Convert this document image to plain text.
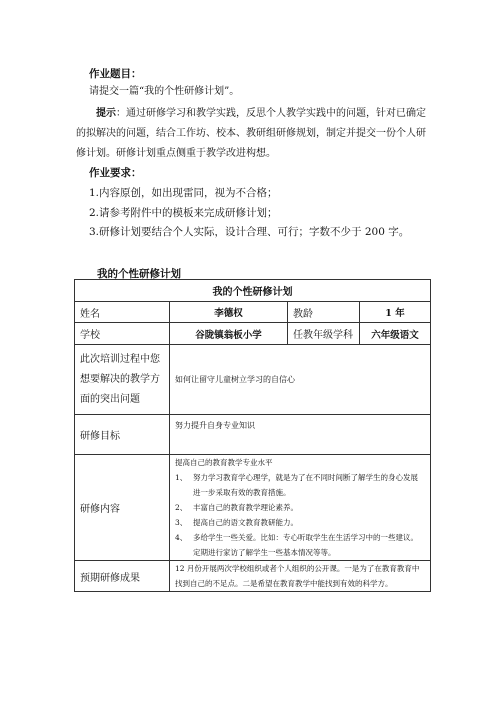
作业题目：
请提交一篇“我的个性研修计划”。
提示：通过研修学习和教学实践，反思个人教学实践中的问题，针对已确定的拟解决的问题，结合工作坊、校本、教研组研修规划，制定并提交一份个人研修计划。研修计划重点侧重于教学改进构想。
作业要求：
1.内容原创，如出现雷同，视为不合格；
2.请参考附件中的模板来完成研修计划；
3.研修计划要结合个人实际，设计合理、可行；字数不少于 200 字。
我的个性研修计划
我的个性研修计划			
姓名	李德权	教龄	1 年
学校	谷陇镇翁板小学	任教年级学科	六年级语文
此次培训过程中您想要解决的教学方面的突出问题	如何让留守儿童树立学习的自信心		
研修目标	努力提升自身专业知识		
研修内容	提高自己的教育教学专业水平
1、 努力学习教育学心理学，就是为了在不同时间断了解学生的身心发展进一步采取有效的教育措施。
2、 丰富自己的教育教学理论素养。
3、 提高自己的语文教育教研能力。
4、 多给学生一些关爱。比如：专心听取学生在生活学习中的一些建议。定期进行家访了解学生一些基本情况等等。		

预期研修成果	12 月份开展两次学校组织或者个人组织的公开课。一是为了在教育教育中找到自己的不足点。二是希望在教育教学中能找到有效的科学方。		
